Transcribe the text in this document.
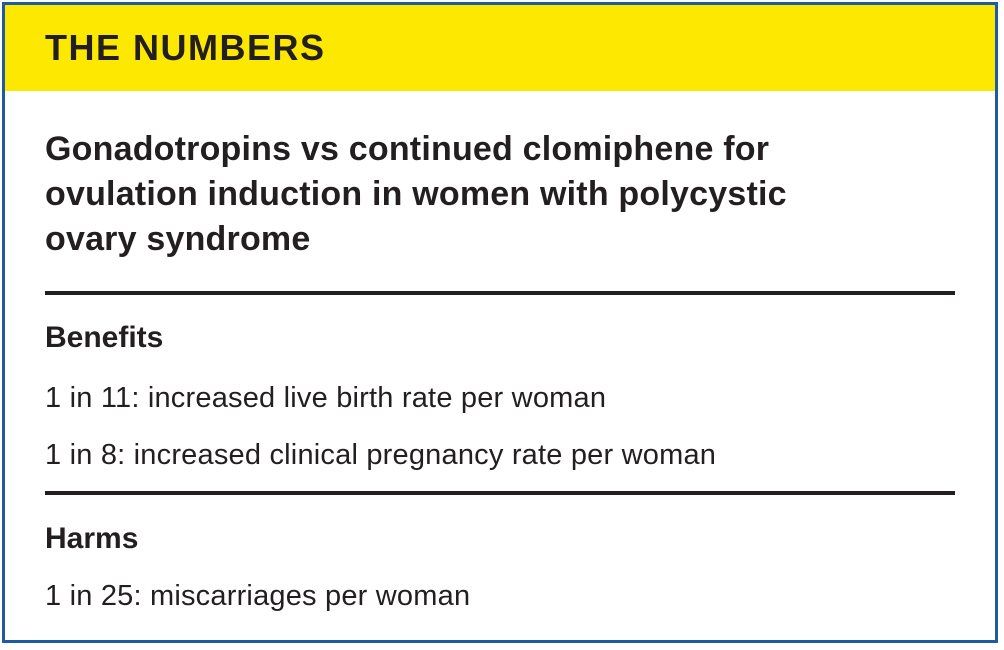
THE NUMBERS
Gonadotropins vs continued clomiphene for
ovulation induction in women with polycystic
ovary syndrome
Benefits

1 in 11: increased live birth rate per woman

1 in 8: increased clinical pregnancy rate per woman

Harms

1 in 25: miscarriages per woman
